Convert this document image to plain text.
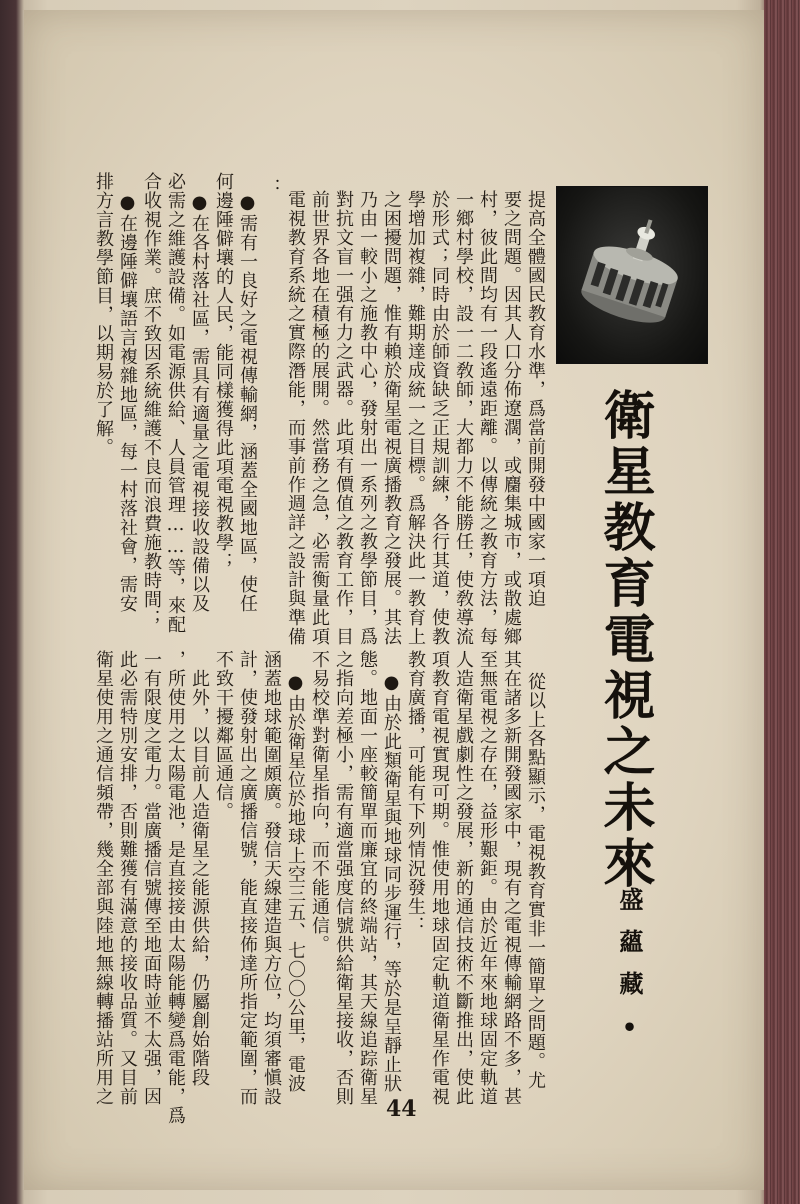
衛星教育電視之未來
•盛蘊藏•
提高全體國民教育水準，爲當前開發中國家一項迫
要之問題。因其人口分佈遼濶，或麕集城市，或散處鄉
村，彼此間均有一段遙遠距離。以傳統之教育方法，每
一鄉村學校，設一二敎師，大都力不能勝任，使敎導流
於形式；同時由於師資缺乏正規訓練，各行其道，使教
學增加複雜，難期達成統一之目標。爲解決此一教育上
之困擾問題，惟有賴於衛星電視廣播教育之發展。其法
乃由一較小之施教中心，發射出一系列之教學節目，爲
對抗文盲一强有力之武器。此項有價值之教育工作，目
前世界各地在積極的展開。然當務之急，必需衡量此項
電視教育系統之實際潛能，而事前作週詳之設計與準備
：
●需有一良好之電視傳輸網，涵蓋全國地區，使任
何邊陲僻壤的人民，能同樣獲得此項電視教學；
●在各村落社區，需具有適量之電視接收設備以及
必需之維護設備。如電源供給、人員管理……等，來配
合收視作業。庶不致因系統維護不良而浪費施教時間；
●在邊陲僻壤語言複雜地區，每一村落社會，需安
排方言教學節目，以期易於了解。
從以上各點顯示，電視教育實非一簡單之問題。尤
其在諸多新開發國家中，現有之電視傳輸網路不多，甚
至無電視之存在，益形艱鉅。由於近年來地球固定軌道
人造衛星戲劇性之發展，新的通信技術不斷推出，使此
項教育電視實現可期。惟使用地球固定軌道衛星作電視
教育廣播，可能有下列情況發生：
●由於此類衛星與地球同步運行，等於是呈靜止狀
態。地面一座較簡單而廉宜的終端站，其天線追踪衛星
之指向差極小，需有適當强度信號供給衛星接收，否則
不易校準對衛星指向，而不能通信。
●由於衛星位於地球上空三五、七〇〇公里，電波
涵蓋地球範圍頗廣。發信天線建造與方位，均須審愼設
計，使發射出之廣播信號，能直接佈達所指定範圍，而
不致干擾鄰區通信。
　此外，以目前人造衛星之能源供給，仍屬創始階段
，所使用之太陽電池，是直接接由太陽能轉變爲電能，爲
一有限度之電力。當廣播信號傳至地面時並不太强，因
此必需特別安排，否則難獲有滿意的接收品質。又目前
衛星使用之通信頻帶，幾全部與陸地無線轉播站所用之
44
